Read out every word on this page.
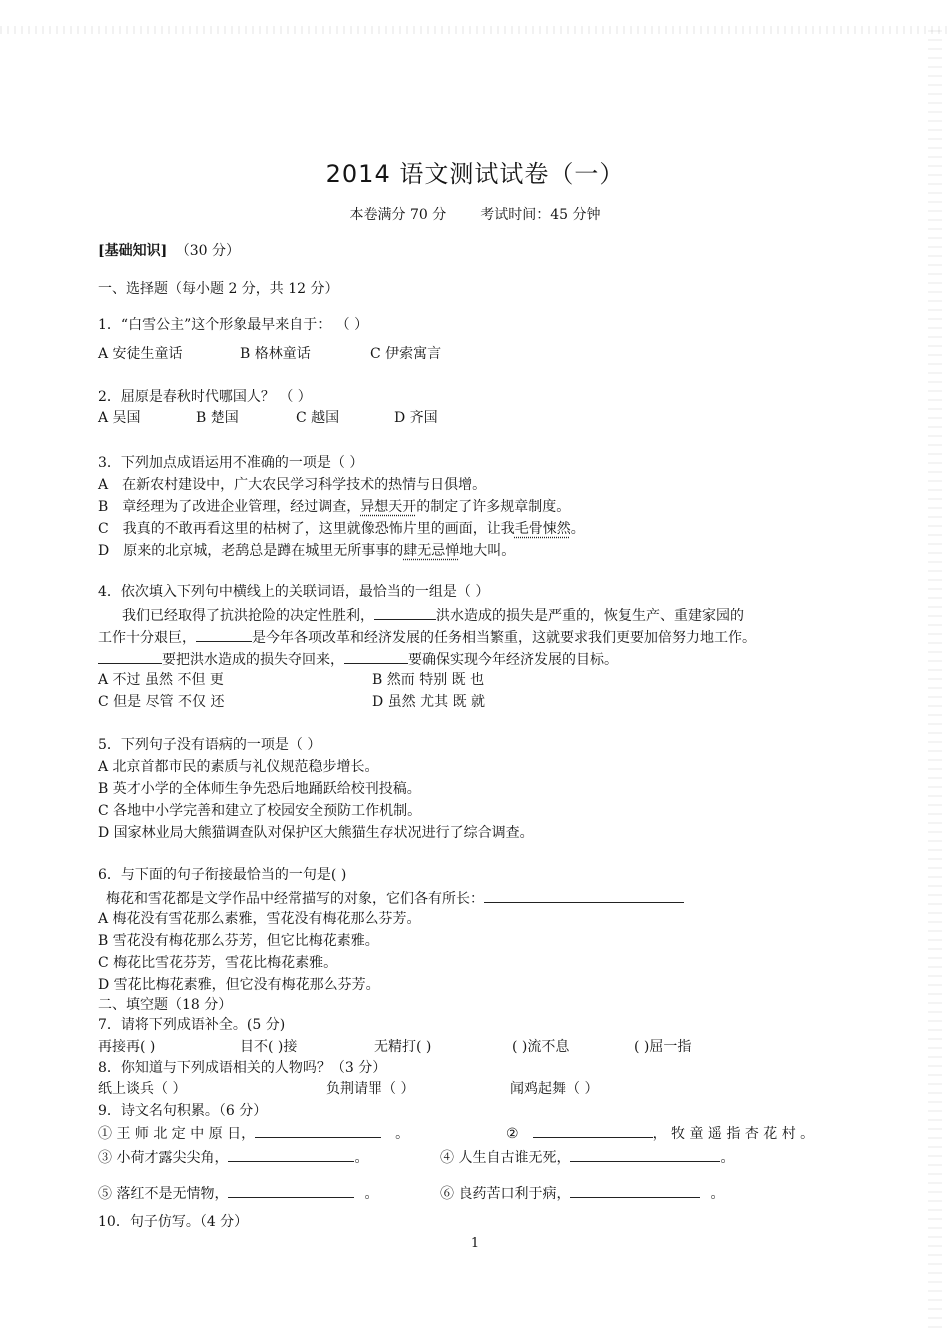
2014 语文测试试卷（一）
本卷满分 70 分 考试时间：45 分钟
[基础知识] （30 分）
一、选择题（每小题 2 分，共 12 分）
1．“白雪公主”这个形象最早来自于： （ ）
A 安徒生童话	B 格林童话	C 伊索寓言
2．屈原是春秋时代哪国人？ （ ）
A 吴国	B 楚国	C 越国	D 齐国
3．下列加点成语运用不准确的一项是（ ）
A 在新农村建设中，广大农民学习科学技术的热情与日俱增。
B 章经理为了改进企业管理，经过调查，异想天开的制定了许多规章制度。
C 我真的不敢再看这里的枯树了，这里就像恐怖片里的画面，让我毛骨悚然。
D 原来的北京城，老鸹总是蹲在城里无所事事的肆无忌惮地大叫。
4．依次填入下列句中横线上的关联词语，最恰当的一组是（ ）
我们已经取得了抗洪抢险的决定性胜利，	洪水造成的损失是严重的，恢复生产、重建家园的
工作十分艰巨，	是今年各项改革和经济发展的任务相当繁重，这就要求我们更要加倍努力地工作。
要把洪水造成的损失夺回来，	要确保实现今年经济发展的目标。
A 不过 虽然 不但 更	B 然而 特别 既 也
C 但是 尽管 不仅 还	D 虽然 尤其 既 就
5．下列句子没有语病的一项是（ ）
A 北京首都市民的素质与礼仪规范稳步增长。
B 英才小学的全体师生争先恐后地踊跃给校刊投稿。
C 各地中小学完善和建立了校园安全预防工作机制。
D 国家林业局大熊猫调查队对保护区大熊猫生存状况进行了综合调查。
6．与下面的句子衔接最恰当的一句是( )
梅花和雪花都是文学作品中经常描写的对象，它们各有所长：
A 梅花没有雪花那么素雅，雪花没有梅花那么芬芳。
B 雪花没有梅花那么芬芳，但它比梅花素雅。
C 梅花比雪花芬芳，雪花比梅花素雅。
D 雪花比梅花素雅，但它没有梅花那么芬芳。
二、填空题（18 分）
7．请将下列成语补全。(5 分)
再接再( )	目不( )接	无精打( )	( )流不息	( )屈一指
8．你知道与下列成语相关的人物吗？（3 分）
纸上谈兵（ ）	负荆请罪（ ）	闻鸡起舞（ ）
9．诗文名句积累。（6 分）
① 王 师 北 定 中 原 日，	。	②	， 牧 童 遥 指 杏 花 村 。
③ 小荷才露尖尖角，	。	④ 人生自古谁无死，	。
⑤ 落红不是无情物，	。	⑥ 良药苦口利于病，	。
10．句子仿写。（4 分）
1
